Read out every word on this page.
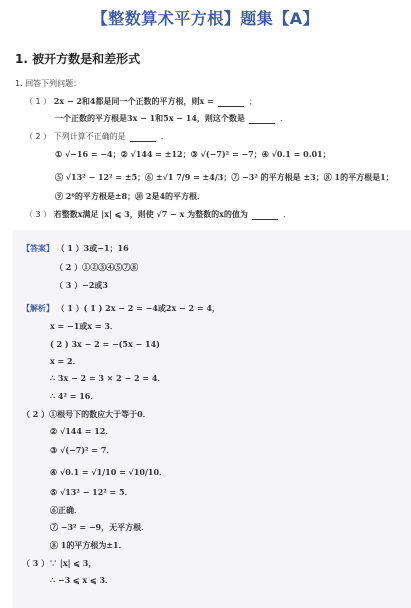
【整数算术平方根】题集【A】
1. 被开方数是和差形式
1. 回答下列问题：
（ 1 ） 2x − 2和4都是同一个正数的平方根，则x =	；
一个正数的平方根是3x − 1和5x − 14，则这个数是	．
（ 2 ） 下列计算不正确的是	．
① √−16 = −4；② √144 = ±12；③ √(−7)² = −7；④ √0.1 = 0.01；
⑤ √13² − 12² = ±5；⑥ ±√1 7/9 = ±4/3；⑦ −3² 的平方根是 ±3；⑧ 1的平方根是1；
⑨ 2⁶的平方根是±8；⑩ 2是4的平方根．
（ 3 ） 若整数x满足 |x| ⩽ 3，则使 √7 − x 为整数的x的值为	．
【答案】 （ 1 ）3或−1；16
（ 2 ）①②③④⑤⑦⑧
（ 3 ）−2或3
【解析】 （ 1 ）( 1 ) 2x − 2 = −4或2x − 2 = 4，
x = −1或x = 3．
( 2 ) 3x − 2 = −(5x − 14)
x = 2．
∴ 3x − 2 = 3 × 2 − 2 = 4．
∴ 4² = 16．
（ 2 ）①根号下的数应大于等于0．
② √144 = 12．
③ √(−7)² = 7．
④ √0.1 = √1/10 = √10/10．
⑤ √13² − 12² = 5．
⑥正确．
⑦ −3² = −9，无平方根．
⑧ 1的平方根为±1．
（ 3 ）∵ |x| ⩽ 3，
∴ −3 ⩽ x ⩽ 3．
